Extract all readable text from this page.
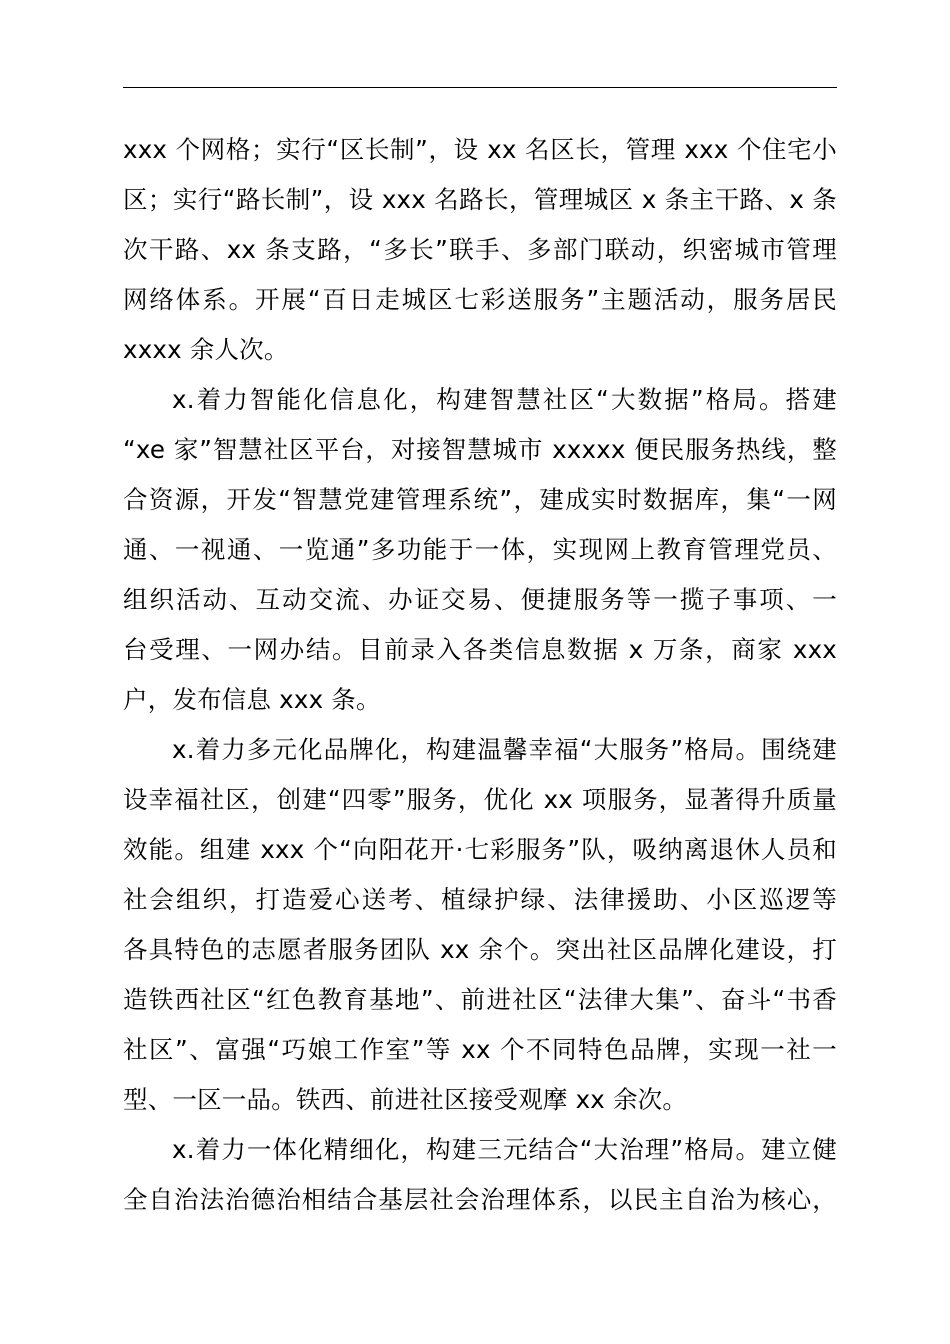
xxx 个网格；实行“区长制”，设 xx 名区长，管理 xxx 个住宅小
区；实行“路长制”，设 xxx 名路长，管理城区 x 条主干路、x 条
次干路、xx 条支路，“多长”联手、多部门联动，织密城市管理
网络体系。开展“百日走城区七彩送服务”主题活动，服务居民
xxxx 余人次。
x.着力智能化信息化，构建智慧社区“大数据”格局。搭建
“xe 家”智慧社区平台，对接智慧城市 xxxxx 便民服务热线，整
合资源，开发“智慧党建管理系统”，建成实时数据库，集“一网
通、一视通、一览通”多功能于一体，实现网上教育管理党员、
组织活动、互动交流、办证交易、便捷服务等一揽子事项、一
台受理、一网办结。目前录入各类信息数据 x 万条，商家 xxx
户，发布信息 xxx 条。
x.着力多元化品牌化，构建温馨幸福“大服务”格局。围绕建
设幸福社区，创建“四零”服务，优化 xx 项服务，显著得升质量
效能。组建 xxx 个“向阳花开·七彩服务”队，吸纳离退休人员和
社会组织，打造爱心送考、植绿护绿、法律援助、小区巡逻等
各具特色的志愿者服务团队 xx 余个。突出社区品牌化建设，打
造铁西社区“红色教育基地”、前进社区“法律大集”、奋斗“书香
社区”、富强“巧娘工作室”等 xx 个不同特色品牌，实现一社一
型、一区一品。铁西、前进社区接受观摩 xx 余次。
x.着力一体化精细化，构建三元结合“大治理”格局。建立健
全自治法治德治相结合基层社会治理体系，以民主自治为核心，
